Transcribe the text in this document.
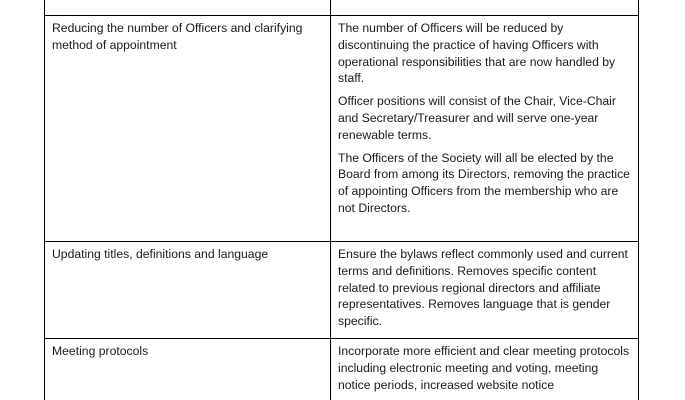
Reducing the number of Officers and clarifying method of appointment	The number of Officers will be reduced by discontinuing the practice of having Officers with operational responsibilities that are now handled by staff.

Officer positions will consist of the Chair, Vice-Chair and Secretary/Treasurer and will serve one-year renewable terms.

The Officers of the Society will all be elected by the Board from among its Directors, removing the practice of appointing Officers from the membership who are not Directors.

Updating titles, definitions and language	Ensure the bylaws reflect commonly used and current terms and definitions. Removes specific content related to previous regional directors and affiliate representatives. Removes language that is gender specific.

Meeting protocols	Incorporate more efficient and clear meeting protocols including electronic meeting and voting, meeting notice periods, increased website notice
